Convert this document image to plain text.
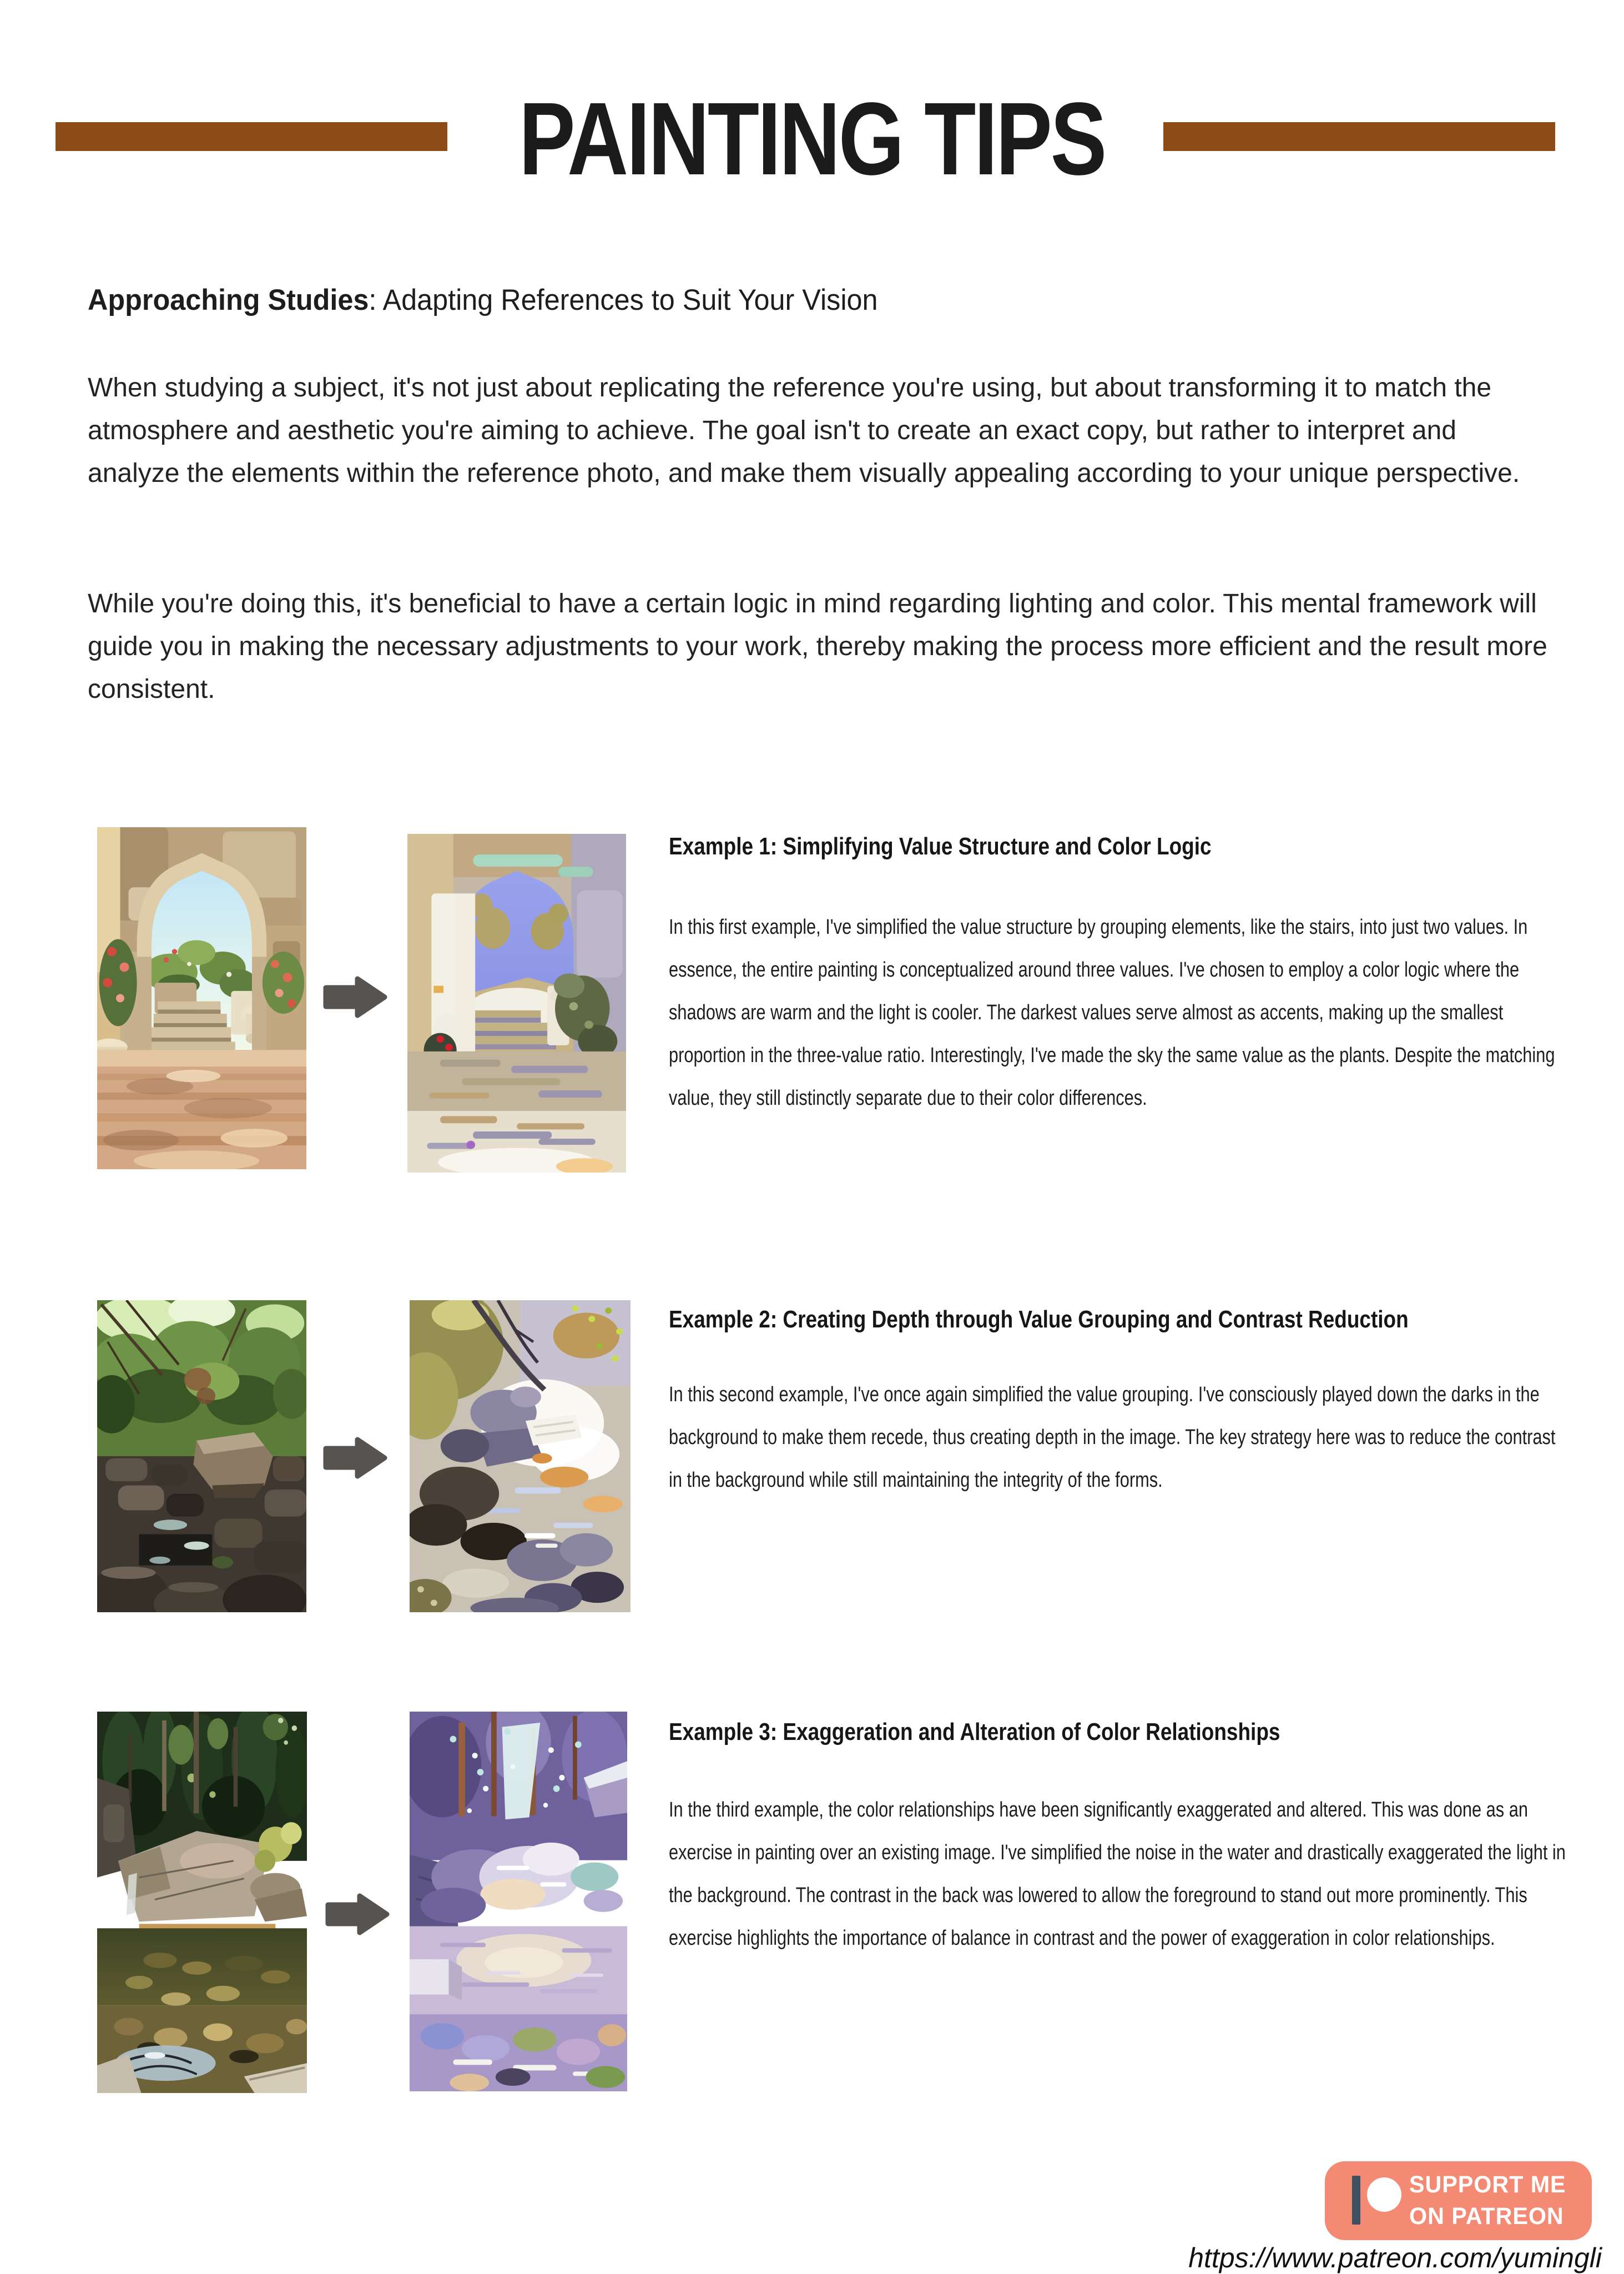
PAINTING TIPS
Approaching Studies: Adapting References to Suit Your Vision
When studying a subject, it's not just about replicating the reference you're using, but about transforming it to match the atmosphere and aesthetic you're aiming to achieve. The goal isn't to create an exact copy, but rather to interpret and analyze the elements within the reference photo, and make them visually appealing according to your unique perspective.
While you're doing this, it's beneficial to have a certain logic in mind regarding lighting and color. This mental framework will guide you in making the necessary adjustments to your work, thereby making the process more efficient and the result more consistent.
Example 1: Simplifying Value Structure and Color Logic
In this first example, I've simplified the value structure by grouping elements, like the stairs, into just two values. In essence, the entire painting is conceptualized around three values. I've chosen to employ a color logic where the shadows are warm and the light is cooler. The darkest values serve almost as accents, making up the smallest proportion in the three-value ratio. Interestingly, I've made the sky the same value as the plants. Despite the matching value, they still distinctly separate due to their color differences.
Example 2: Creating Depth through Value Grouping and Contrast Reduction
In this second example, I've once again simplified the value grouping. I've consciously played down the darks in the background to make them recede, thus creating depth in the image. The key strategy here was to reduce the contrast in the background while still maintaining the integrity of the forms.
Example 3: Exaggeration and Alteration of Color Relationships
In the third example, the color relationships have been significantly exaggerated and altered. This was done as an exercise in painting over an existing image. I've simplified the noise in the water and drastically exaggerated the light in the background. The contrast in the back was lowered to allow the foreground to stand out more prominently. This exercise highlights the importance of balance in contrast and the power of exaggeration in color relationships.
SUPPORT ME
ON PATREON
https://www.patreon.com/yumingli
